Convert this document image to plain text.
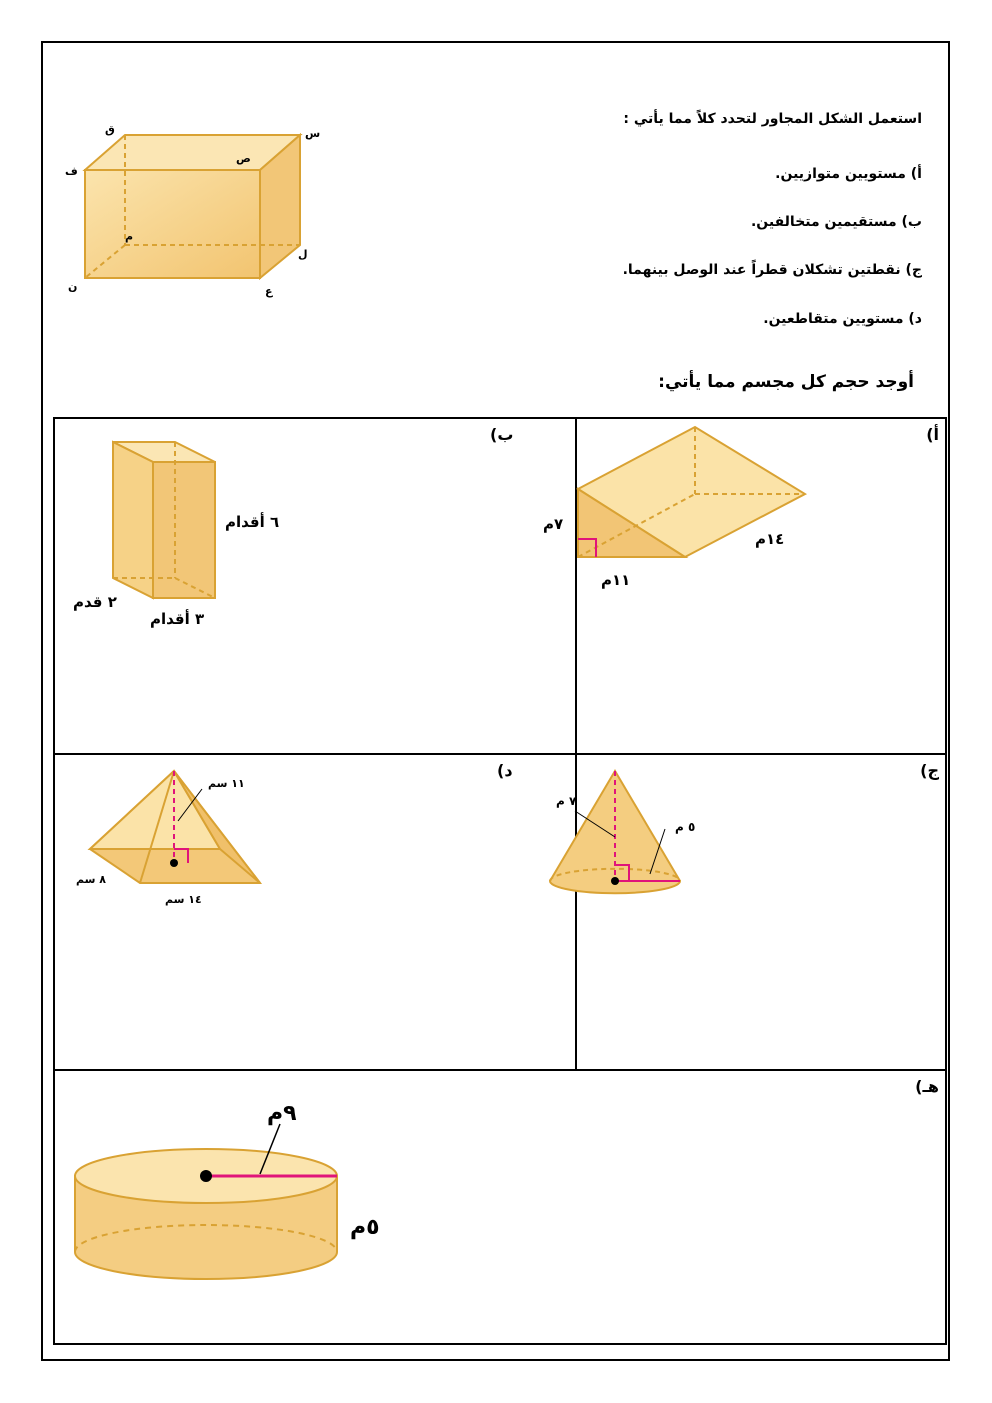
ق	س
ف
ص
م
ل
ن	ع
استعمل الشكل المجاور لتحدد كلاً مما يأتي :
أ) مستويين متوازيين.
ب) مستقيمين متخالفين.
ج) نقطتين تشكلان قطراً عند الوصل بينهما.
د) مستويين متقاطعين.
أوجد حجم كل مجسم مما يأتي:
أ)
٧م
١١م
١٤م
ب)
٦ أقدام
٢ قدم
٣ أقدام
ج)
٧ م
٥ م
د)
١١ سم
٨ سم
١٤ سم
هـ)
٩م
٥م
